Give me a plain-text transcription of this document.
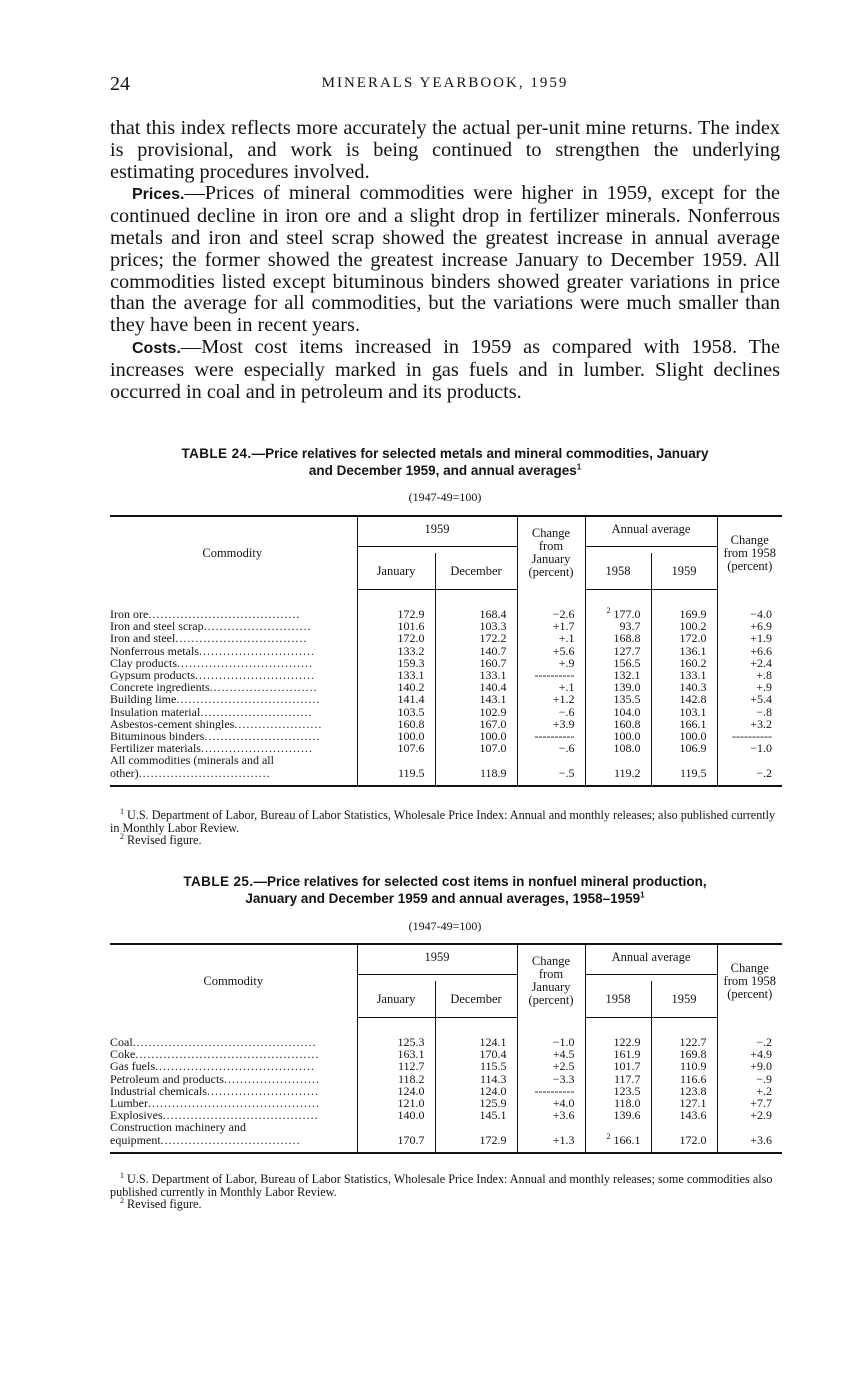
24	MINERALS YEARBOOK, 1959

that this index reflects more accurately the actual per-unit mine returns. The index is provisional, and work is being continued to strengthen the underlying estimating procedures involved.

Prices.—Prices of mineral commodities were higher in 1959, except for the continued decline in iron ore and a slight drop in fertilizer minerals. Nonferrous metals and iron and steel scrap showed the greatest increase in annual average prices; the former showed the greatest increase January to December 1959. All commodities listed except bituminous binders showed greater variations in price than the average for all commodities, but the variations were much smaller than they have been in recent years.

Costs.—Most cost items increased in 1959 as compared with 1958. The increases were especially marked in gas fuels and in lumber. Slight declines occurred in coal and in petroleum and its products.

TABLE 24.—Price relatives for selected metals and mineral commodities, January
and December 1959, and annual averages$^1$
(1947-49=100)
Commodity	1959		Change from January (percent)	Annual average		Change from 1958 (percent)
	January	December		1958	1959	
Iron ore......................................	172.9	168.4	−2.6	$^2$ 177.0	169.9	−4.0
Iron and steel scrap...........................	101.6	103.3	+1.7	93.7	100.2	+6.9
Iron and steel.................................	172.0	172.2	+.1	168.8	172.0	+1.9
Nonferrous metals.............................	133.2	140.7	+5.6	127.7	136.1	+6.6
Clay products..................................	159.3	160.7	+.9	156.5	160.2	+2.4
Gypsum products..............................	133.1	133.1	----------	132.1	133.1	+.8
Concrete ingredients...........................	140.2	140.4	+.1	139.0	140.3	+.9
Building lime....................................	141.4	143.1	+1.2	135.5	142.8	+5.4
Insulation material............................	103.5	102.9	−.6	104.0	103.1	−.8
Asbestos-cement shingles......................	160.8	167.0	+3.9	160.8	166.1	+3.2
Bituminous binders.............................	100.0	100.0	----------	100.0	100.0	----------
Fertilizer materials............................	107.6	107.0	−.6	108.0	106.9	−1.0
All commodities (minerals and all other).................................	119.5	118.9	−.5	119.2	119.5	−.2

$^1$ U.S. Department of Labor, Bureau of Labor Statistics, Wholesale Price Index: Annual and monthly releases; also published currently in Monthly Labor Review.

$^2$ Revised figure.

TABLE 25.—Price relatives for selected cost items in nonfuel mineral production,
January and December 1959 and annual averages, 1958–1959$^1$
(1947-49=100)
Commodity	1959		Change from January (percent)	Annual average		Change from 1958 (percent)
	January	December		1958	1959	
Coal..............................................	125.3	124.1	−1.0	122.9	122.7	−.2
Coke..............................................	163.1	170.4	+4.5	161.9	169.8	+4.9
Gas fuels........................................	112.7	115.5	+2.5	101.7	110.9	+9.0
Petroleum and products........................	118.2	114.3	−3.3	117.7	116.6	−.9
Industrial chemicals............................	124.0	124.0	----------	123.5	123.8	+.2
Lumber...........................................	121.0	125.9	+4.0	118.0	127.1	+7.7
Explosives.......................................	140.0	145.1	+3.6	139.6	143.6	+2.9
Construction machinery and equipment...................................	170.7	172.9	+1.3	$^2$ 166.1	172.0	+3.6

$^1$ U.S. Department of Labor, Bureau of Labor Statistics, Wholesale Price Index: Annual and monthly releases; some commodities also published currently in Monthly Labor Review.

$^2$ Revised figure.
